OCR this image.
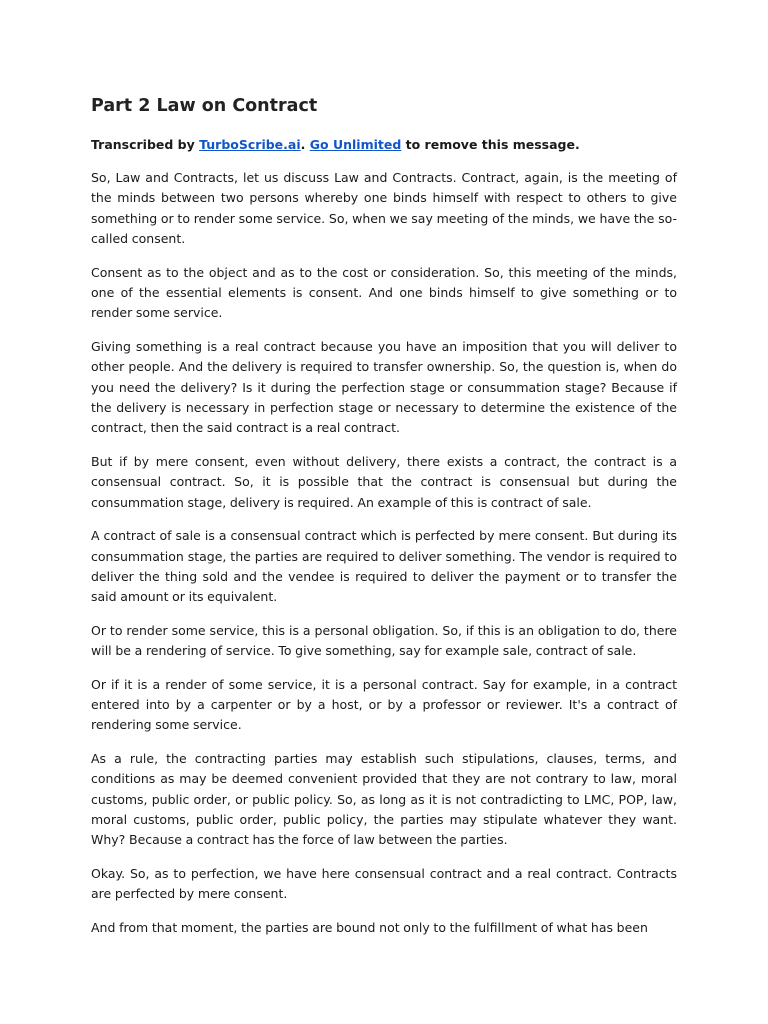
Part 2 Law on Contract

Transcribed by TurboScribe.ai. Go Unlimited to remove this message.

So, Law and Contracts, let us discuss Law and Contracts. Contract, again, is the meeting of the minds between two persons whereby one binds himself with respect to others to give something or to render some service. So, when we say meeting of the minds, we have the so-called consent.

Consent as to the object and as to the cost or consideration. So, this meeting of the minds, one of the essential elements is consent. And one binds himself to give something or to render some service.

Giving something is a real contract because you have an imposition that you will deliver to other people. And the delivery is required to transfer ownership. So, the question is, when do you need the delivery? Is it during the perfection stage or consummation stage? Because if the delivery is necessary in perfection stage or necessary to determine the existence of the contract, then the said contract is a real contract.

But if by mere consent, even without delivery, there exists a contract, the contract is a consensual contract. So, it is possible that the contract is consensual but during the consummation stage, delivery is required. An example of this is contract of sale.

A contract of sale is a consensual contract which is perfected by mere consent. But during its consummation stage, the parties are required to deliver something. The vendor is required to deliver the thing sold and the vendee is required to deliver the payment or to transfer the said amount or its equivalent.

Or to render some service, this is a personal obligation. So, if this is an obligation to do, there will be a rendering of service. To give something, say for example sale, contract of sale.

Or if it is a render of some service, it is a personal contract. Say for example, in a contract entered into by a carpenter or by a host, or by a professor or reviewer. It's a contract of rendering some service.

As a rule, the contracting parties may establish such stipulations, clauses, terms, and conditions as may be deemed convenient provided that they are not contrary to law, moral customs, public order, or public policy. So, as long as it is not contradicting to LMC, POP, law, moral customs, public order, public policy, the parties may stipulate whatever they want. Why? Because a contract has the force of law between the parties.

Okay. So, as to perfection, we have here consensual contract and a real contract. Contracts are perfected by mere consent.

And from that moment, the parties are bound not only to the fulfillment of what has been
